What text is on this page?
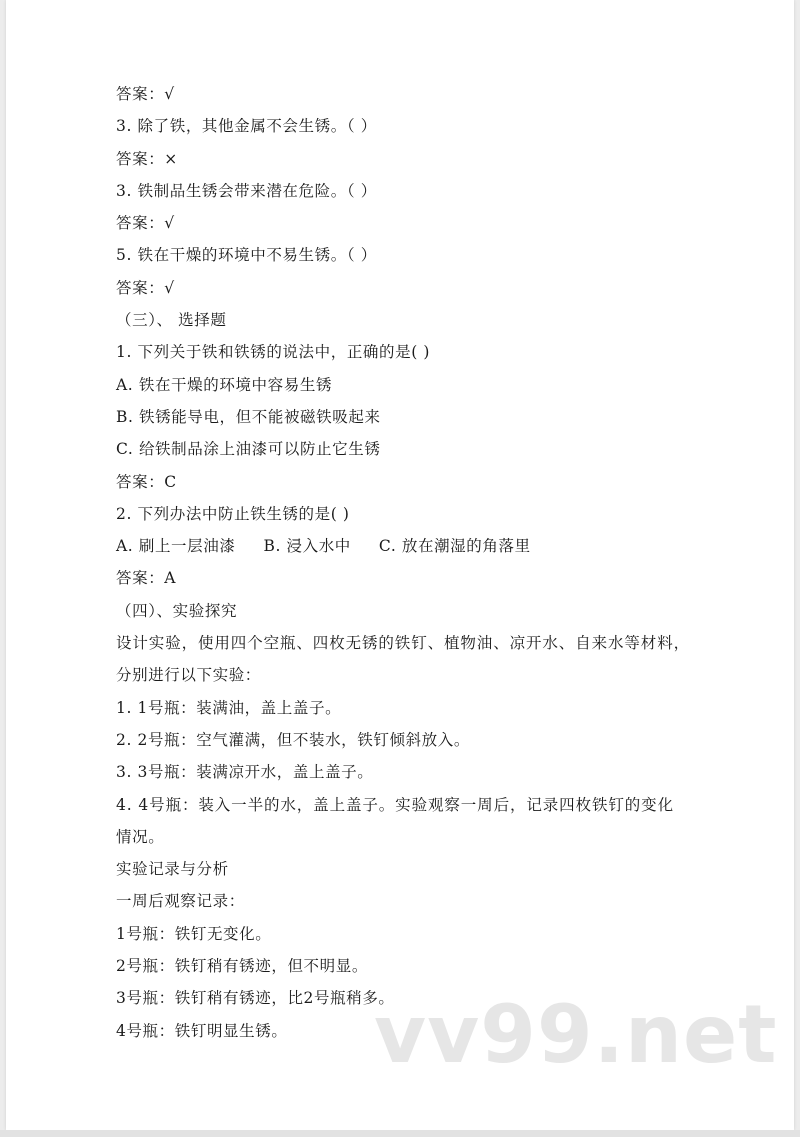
答案：√
3. 除了铁，其他金属不会生锈。（ ）
答案：×
3. 铁制品生锈会带来潜在危险。（ ）
答案：√
5. 铁在干燥的环境中不易生锈。（ ）
答案：√
（三）、 选择题
1. 下列关于铁和铁锈的说法中，正确的是( )
A. 铁在干燥的环境中容易生锈
B. 铁锈能导电，但不能被磁铁吸起来
C. 给铁制品涂上油漆可以防止它生锈
答案：C
2. 下列办法中防止铁生锈的是( )
A. 刷上一层油漆 B. 浸入水中 C. 放在潮湿的角落里
答案：A
（四）、实验探究
设计实验，使用四个空瓶、四枚无锈的铁钉、植物油、凉开水、自来水等材料，
分别进行以下实验：
1. 1号瓶：装满油，盖上盖子。
2. 2号瓶：空气灌满，但不装水，铁钉倾斜放入。
3. 3号瓶：装满凉开水，盖上盖子。
4. 4号瓶：装入一半的水，盖上盖子。实验观察一周后，记录四枚铁钉的变化
情况。
实验记录与分析
一周后观察记录：
1号瓶：铁钉无变化。
2号瓶：铁钉稍有锈迹，但不明显。
3号瓶：铁钉稍有锈迹，比2号瓶稍多。
4号瓶：铁钉明显生锈。	vv99.net
